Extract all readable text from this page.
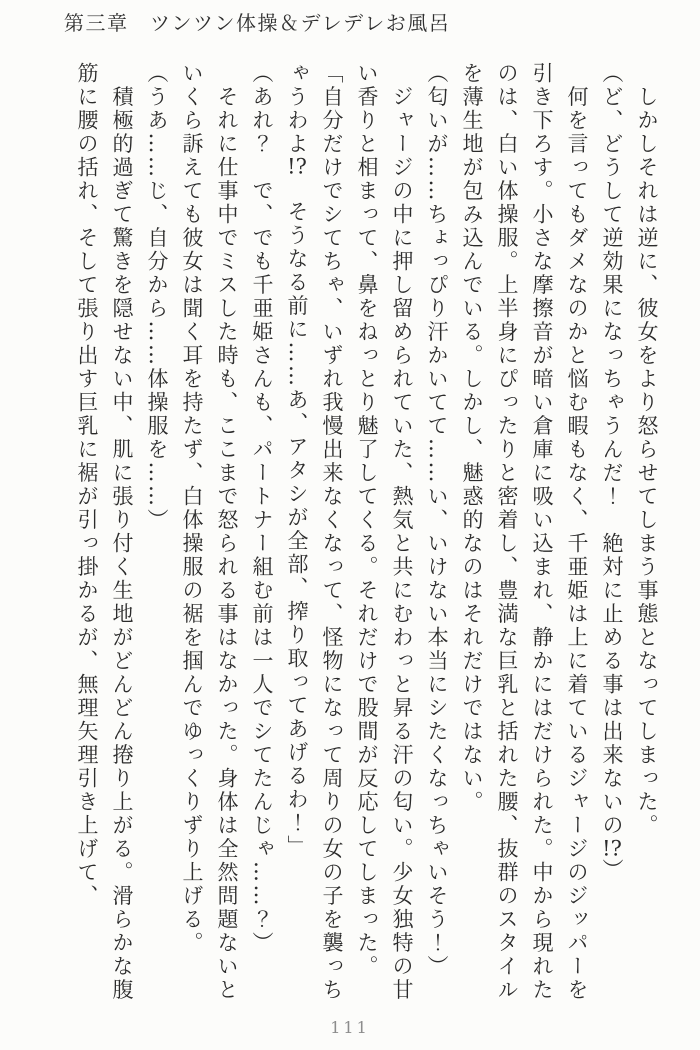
第三章　ツンツン体操＆デレデレお風呂

　しかしそれは逆に、彼女をより怒らせてしまう事態となってしまった。

（ど、どうして逆効果になっちゃうんだ！　絶対に止める事は出来ないの!?）

　何を言ってもダメなのかと悩む暇もなく、千亜姫は上に着ているジャージのジッパーを

引き下ろす。小さな摩擦音が暗い倉庫に吸い込まれ、静かにはだけられた。中から現れた

のは、白い体操服。上半身にぴったりと密着し、豊満な巨乳と括れた腰、抜群のスタイル

を薄生地が包み込んでいる。しかし、魅惑的なのはそれだけではない。

（匂いが……ちょっぴり汗かいてて……い、いけない本当にシたくなっちゃいそう！）

　ジャージの中に押し留められていた、熱気と共にむわっと昇る汗の匂い。少女独特の甘

い香りと相まって、鼻をねっとり魅了してくる。それだけで股間が反応してしまった。

「自分だけでシてちゃ、いずれ我慢出来なくなって、怪物になって周りの女の子を襲っち

ゃうわよ!?　そうなる前に……あ、アタシが全部、搾り取ってあげるわ！」

（あれ？　で、でも千亜姫さんも、パートナー組む前は一人でシてたんじゃ……？）

　それに仕事中でミスした時も、ここまで怒られる事はなかった。身体は全然問題ないと

いくら訴えても彼女は聞く耳を持たず、白体操服の裾を掴んでゆっくりずり上げる。

（うあ……じ、自分から……体操服を……）

　積極的過ぎて驚きを隠せない中、肌に張り付く生地がどんどん捲り上がる。滑らかな腹

筋に腰の括れ、そして張り出す巨乳に裾が引っ掛かるが、無理矢理引き上げて、

111
